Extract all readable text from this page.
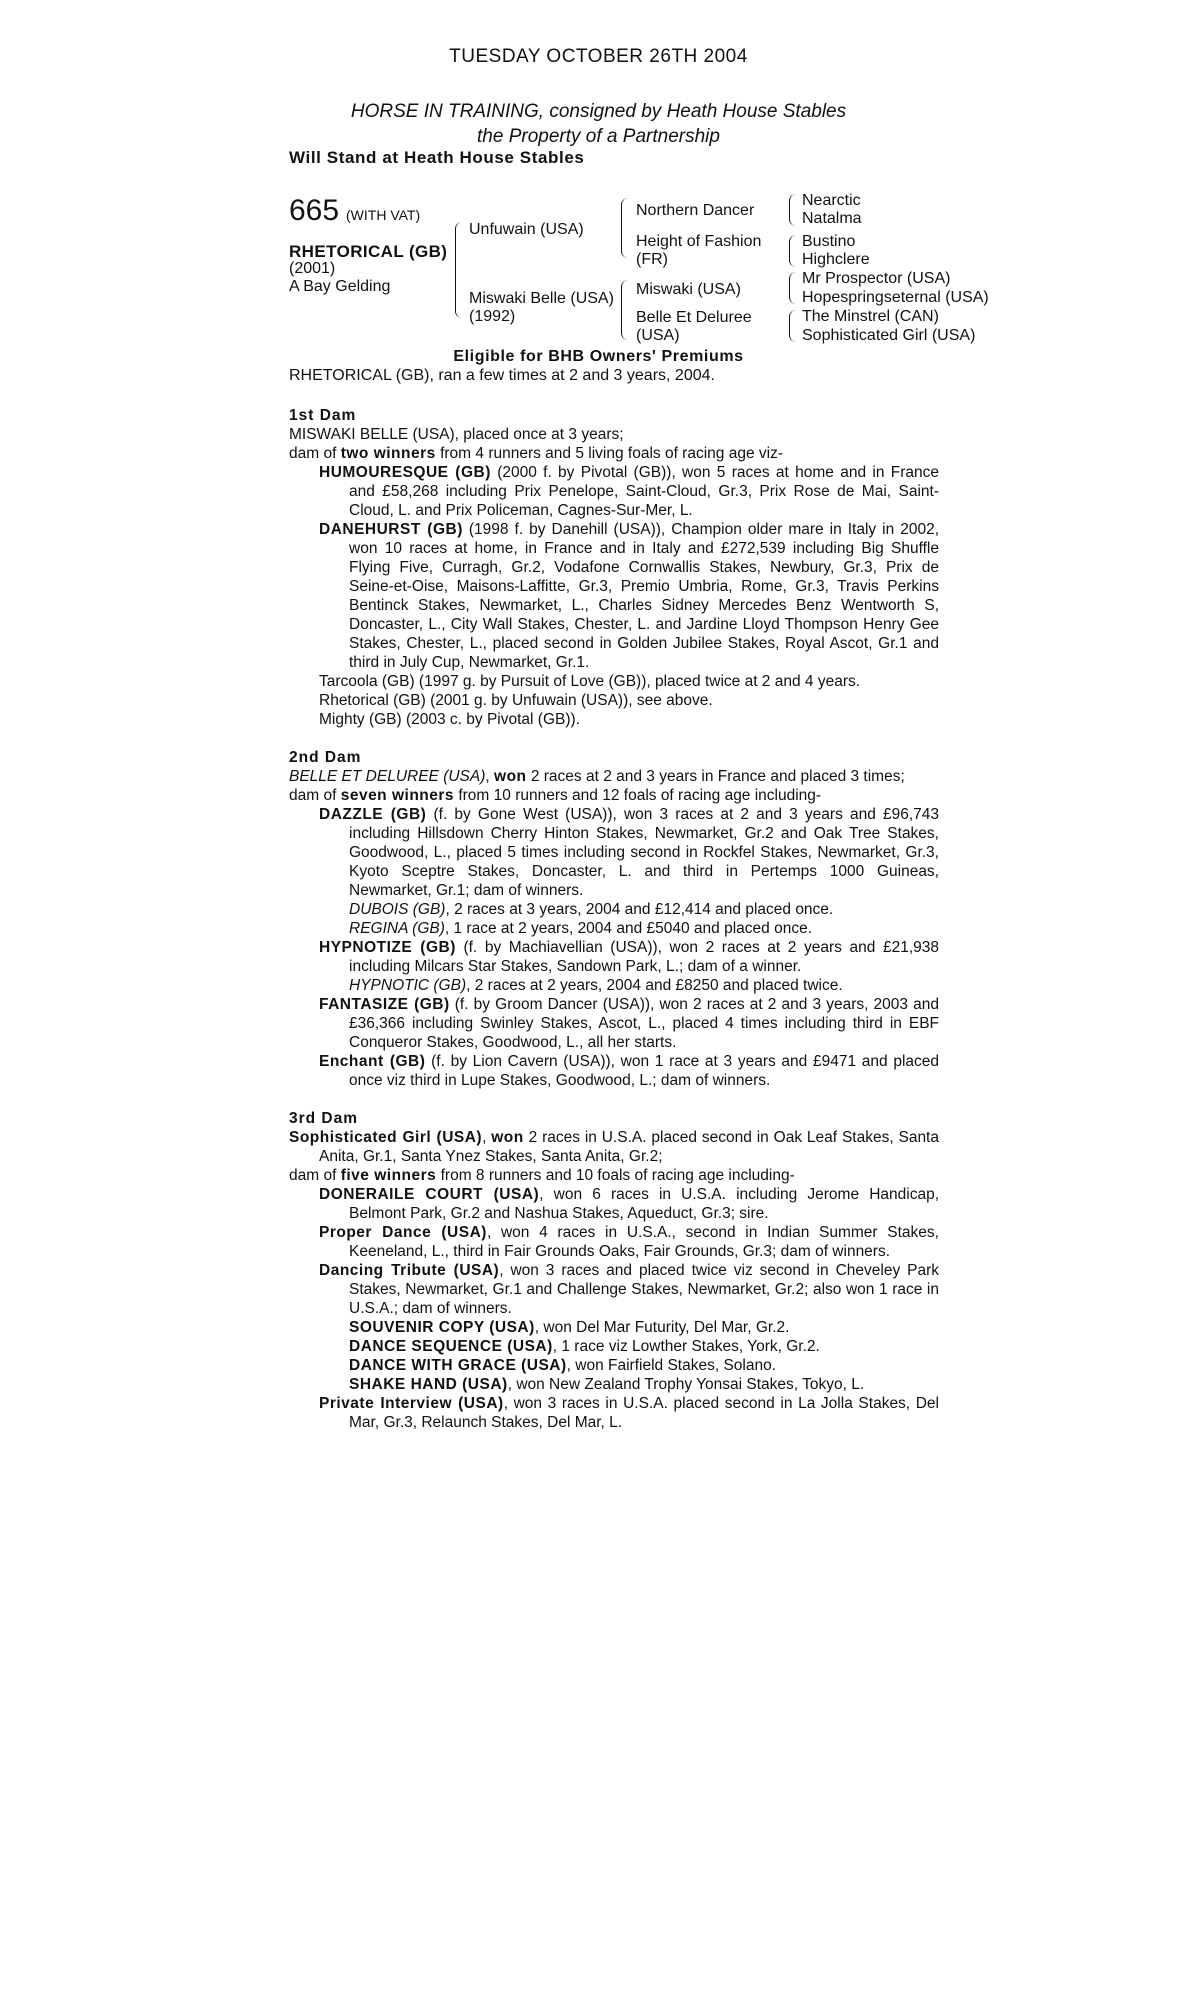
TUESDAY OCTOBER 26TH 2004
HORSE IN TRAINING, consigned by Heath House Stables
the Property of a Partnership
Will Stand at Heath House Stables
665 (WITH VAT)
RHETORICAL (GB)
(2001)
A Bay Gelding
Unfuwain (USA)
Miswaki Belle (USA)
(1992)
Northern Dancer
Height of Fashion
(FR)
Miswaki (USA)
Belle Et Deluree
(USA)
Nearctic
Natalma
Bustino
Highclere
Mr Prospector (USA)
Hopespringseternal (USA)
The Minstrel (CAN)
Sophisticated Girl (USA)
Eligible for BHB Owners' Premiums
RHETORICAL (GB), ran a few times at 2 and 3 years, 2004.

1st Dam

MISWAKI BELLE (USA), placed once at 3 years;

dam of two winners from 4 runners and 5 living foals of racing age viz-

HUMOURESQUE (GB) (2000 f. by Pivotal (GB)), won 5 races at home and in France and £58,268 including Prix Penelope, Saint-Cloud, Gr.3, Prix Rose de Mai, Saint-Cloud, L. and Prix Policeman, Cagnes-Sur-Mer, L.

DANEHURST (GB) (1998 f. by Danehill (USA)), Champion older mare in Italy in 2002, won 10 races at home, in France and in Italy and £272,539 including Big Shuffle Flying Five, Curragh, Gr.2, Vodafone Cornwallis Stakes, Newbury, Gr.3, Prix de Seine-et-Oise, Maisons-Laffitte, Gr.3, Premio Umbria, Rome, Gr.3, Travis Perkins Bentinck Stakes, Newmarket, L., Charles Sidney Mercedes Benz Wentworth S, Doncaster, L., City Wall Stakes, Chester, L. and Jardine Lloyd Thompson Henry Gee Stakes, Chester, L., placed second in Golden Jubilee Stakes, Royal Ascot, Gr.1 and third in July Cup, Newmarket, Gr.1.

Tarcoola (GB) (1997 g. by Pursuit of Love (GB)), placed twice at 2 and 4 years.

Rhetorical (GB) (2001 g. by Unfuwain (USA)), see above.

Mighty (GB) (2003 c. by Pivotal (GB)).

2nd Dam

BELLE ET DELUREE (USA), won 2 races at 2 and 3 years in France and placed 3 times;

dam of seven winners from 10 runners and 12 foals of racing age including-

DAZZLE (GB) (f. by Gone West (USA)), won 3 races at 2 and 3 years and £96,743 including Hillsdown Cherry Hinton Stakes, Newmarket, Gr.2 and Oak Tree Stakes, Goodwood, L., placed 5 times including second in Rockfel Stakes, Newmarket, Gr.3, Kyoto Sceptre Stakes, Doncaster, L. and third in Pertemps 1000 Guineas, Newmarket, Gr.1; dam of winners.

DUBOIS (GB), 2 races at 3 years, 2004 and £12,414 and placed once.

REGINA (GB), 1 race at 2 years, 2004 and £5040 and placed once.

HYPNOTIZE (GB) (f. by Machiavellian (USA)), won 2 races at 2 years and £21,938 including Milcars Star Stakes, Sandown Park, L.; dam of a winner.

HYPNOTIC (GB), 2 races at 2 years, 2004 and £8250 and placed twice.

FANTASIZE (GB) (f. by Groom Dancer (USA)), won 2 races at 2 and 3 years, 2003 and £36,366 including Swinley Stakes, Ascot, L., placed 4 times including third in EBF Conqueror Stakes, Goodwood, L., all her starts.

Enchant (GB) (f. by Lion Cavern (USA)), won 1 race at 3 years and £9471 and placed once viz third in Lupe Stakes, Goodwood, L.; dam of winners.

3rd Dam

Sophisticated Girl (USA), won 2 races in U.S.A. placed second in Oak Leaf Stakes, Santa Anita, Gr.1, Santa Ynez Stakes, Santa Anita, Gr.2;

dam of five winners from 8 runners and 10 foals of racing age including-

DONERAILE COURT (USA), won 6 races in U.S.A. including Jerome Handicap, Belmont Park, Gr.2 and Nashua Stakes, Aqueduct, Gr.3; sire.

Proper Dance (USA), won 4 races in U.S.A., second in Indian Summer Stakes, Keeneland, L., third in Fair Grounds Oaks, Fair Grounds, Gr.3; dam of winners.

Dancing Tribute (USA), won 3 races and placed twice viz second in Cheveley Park Stakes, Newmarket, Gr.1 and Challenge Stakes, Newmarket, Gr.2; also won 1 race in U.S.A.; dam of winners.

SOUVENIR COPY (USA), won Del Mar Futurity, Del Mar, Gr.2.

DANCE SEQUENCE (USA), 1 race viz Lowther Stakes, York, Gr.2.

DANCE WITH GRACE (USA), won Fairfield Stakes, Solano.

SHAKE HAND (USA), won New Zealand Trophy Yonsai Stakes, Tokyo, L.

Private Interview (USA), won 3 races in U.S.A. placed second in La Jolla Stakes, Del Mar, Gr.3, Relaunch Stakes, Del Mar, L.
